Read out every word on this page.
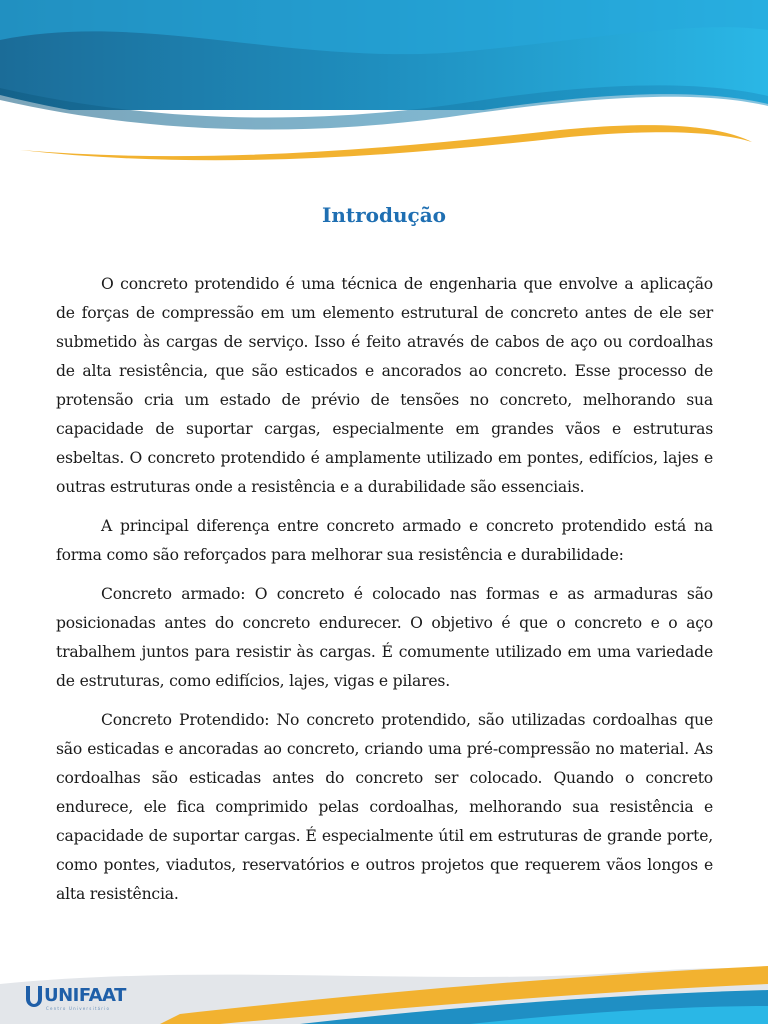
Introdução

O concreto protendido é uma técnica de engenharia que envolve a aplicação de forças de compressão em um elemento estrutural de concreto antes de ele ser submetido às cargas de serviço. Isso é feito através de cabos de aço ou cordoalhas de alta resistência, que são esticados e ancorados ao concreto. Esse processo de protensão cria um estado de prévio de tensões no concreto, melhorando sua capacidade de suportar cargas, especialmente em grandes vãos e estruturas esbeltas. O concreto protendido é amplamente utilizado em pontes, edifícios, lajes e outras estruturas onde a resistência e a durabilidade são essenciais.

A principal diferença entre concreto armado e concreto protendido está na forma como são reforçados para melhorar sua resistência e durabilidade:

Concreto armado: O concreto é colocado nas formas e as armaduras são posicionadas antes do concreto endurecer. O objetivo é que o concreto e o aço trabalhem juntos para resistir às cargas. É comumente utilizado em uma variedade de estruturas, como edifícios, lajes, vigas e pilares.

Concreto Protendido: No concreto protendido, são utilizadas cordoalhas que são esticadas e ancoradas ao concreto, criando uma pré-compressão no material. As cordoalhas são esticadas antes do concreto ser colocado. Quando o concreto endurece, ele fica comprimido pelas cordoalhas, melhorando sua resistência e capacidade de suportar cargas. É especialmente útil em estruturas de grande porte, como pontes, viadutos, reservatórios e outros projetos que requerem vãos longos e alta resistência.

UNIFAAT
Centro Universitário
